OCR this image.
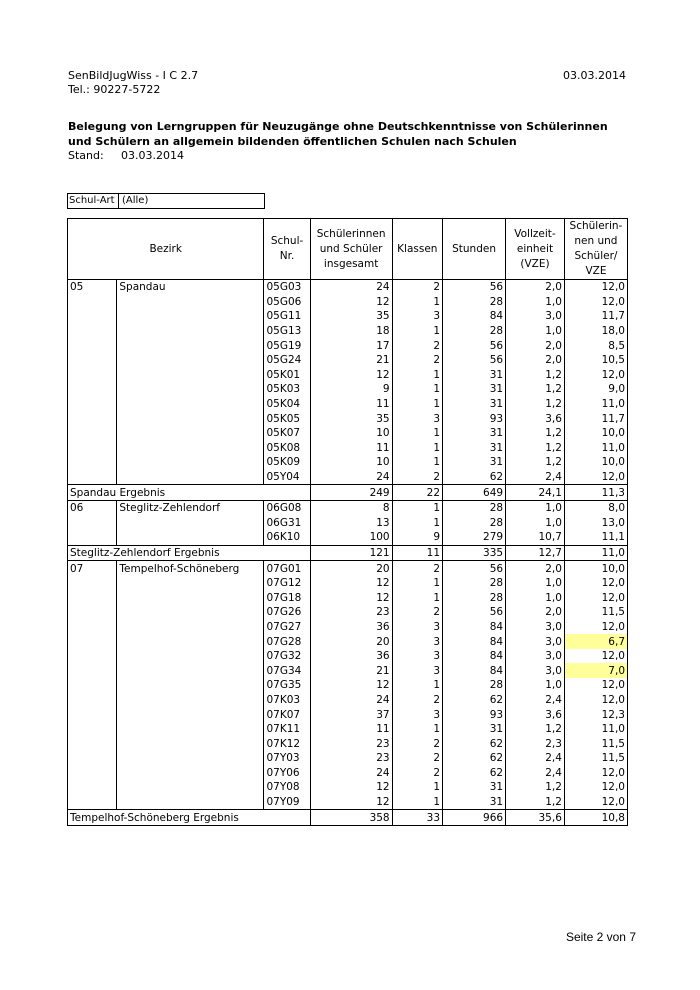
SenBildJugWiss - I C 2.7
Tel.: 90227-5722
03.03.2014
Belegung von Lerngruppen für Neuzugänge ohne Deutschkenntnisse von Schülerinnen
und Schülern an allgemein bildenden öffentlichen Schulen nach Schulen
Stand: 03.03.2014
Schul-Art (Alle)
Bezirk		Schul-Nr.	Schülerinnen und Schüler insgesamt	Klassen	Stunden	Vollzeit-einheit (VZE)	Schülerin-nen und Schüler/ VZE
05	Spandau	05G03	24	2	56	2,0	12,0
		05G06	12	1	28	1,0	12,0
		05G11	35	3	84	3,0	11,7
		05G13	18	1	28	1,0	18,0
		05G19	17	2	56	2,0	8,5
		05G24	21	2	56	2,0	10,5
		05K01	12	1	31	1,2	12,0
		05K03	9	1	31	1,2	9,0
		05K04	11	1	31	1,2	11,0
		05K05	35	3	93	3,6	11,7
		05K07	10	1	31	1,2	10,0
		05K08	11	1	31	1,2	11,0
		05K09	10	1	31	1,2	10,0
		05Y04	24	2	62	2,4	12,0
Spandau Ergebnis			249	22	649	24,1	11,3
06	Steglitz-Zehlendorf	06G08	8	1	28	1,0	8,0
		06G31	13	1	28	1,0	13,0
		06K10	100	9	279	10,7	11,1
Steglitz-Zehlendorf Ergebnis			121	11	335	12,7	11,0
07	Tempelhof-Schöneberg	07G01	20	2	56	2,0	10,0
		07G12	12	1	28	1,0	12,0
		07G18	12	1	28	1,0	12,0
		07G26	23	2	56	2,0	11,5
		07G27	36	3	84	3,0	12,0
		07G28	20	3	84	3,0	6,7
		07G32	36	3	84	3,0	12,0
		07G34	21	3	84	3,0	7,0
		07G35	12	1	28	1,0	12,0
		07K03	24	2	62	2,4	12,0
		07K07	37	3	93	3,6	12,3
		07K11	11	1	31	1,2	11,0
		07K12	23	2	62	2,3	11,5
		07Y03	23	2	62	2,4	11,5
		07Y06	24	2	62	2,4	12,0
		07Y08	12	1	31	1,2	12,0
		07Y09	12	1	31	1,2	12,0
Tempelhof-Schöneberg Ergebnis			358	33	966	35,6	10,8
Seite 2 von 7
